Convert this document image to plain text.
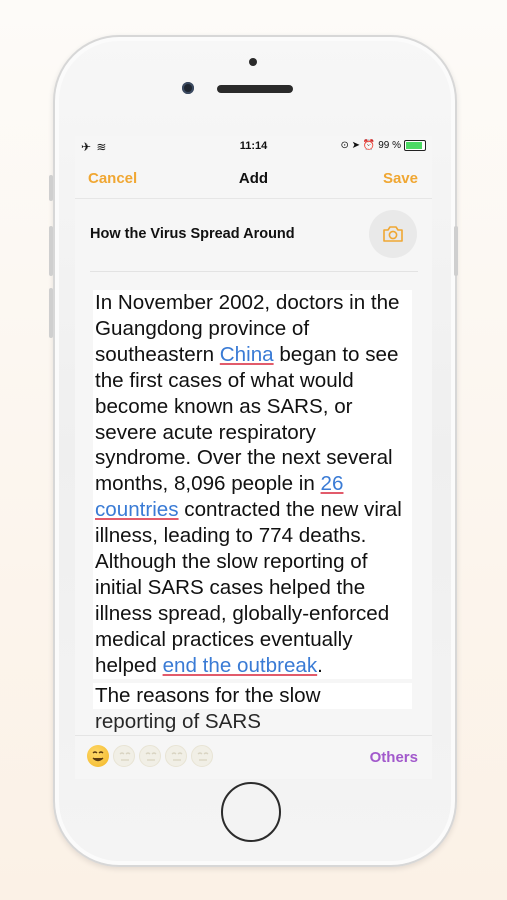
✈ ≋	11:14	⊙ ➤ ⏰ 99 %
Cancel	Add	Save
How the Virus Spread Around
In November 2002, doctors in the Guangdong province of southeastern China began to see the first cases of what would become known as SARS, or severe acute respiratory syndrome. Over the next several months, 8,096 people in 26 countries contracted the new viral illness, leading to 774 deaths. Although the slow reporting of initial SARS cases helped the illness spread, globally-enforced medical practices eventually helped end the outbreak.
The reasons for the slow
reporting of SARS
Others
